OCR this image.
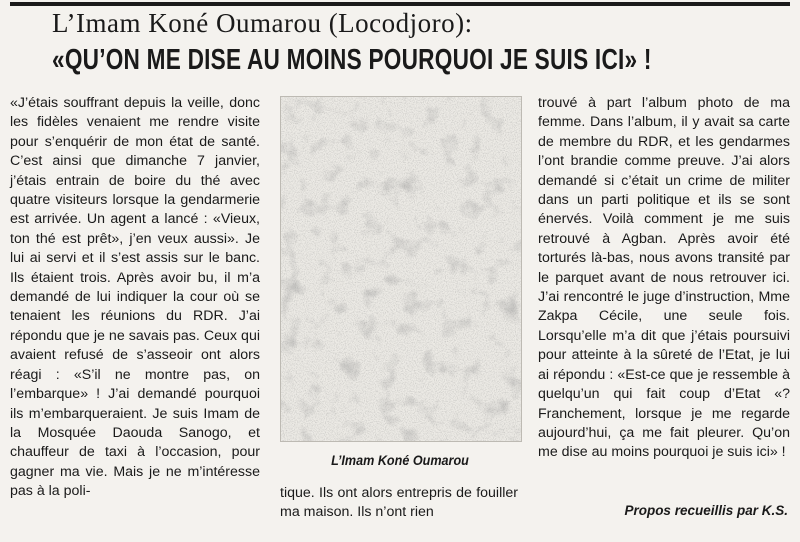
L’Imam Koné Oumarou (Locodjoro):
«QU’ON ME DISE AU MOINS POURQUOI JE SUIS ICI» !

«J’étais souffrant depuis la veille, donc les fidèles venaient me rendre visite pour s’enquérir de mon état de santé. C’est ainsi que dimanche 7 janvier, j’étais entrain de boire du thé avec quatre visiteurs lorsque la gendarmerie est arrivée. Un agent a lancé : «Vieux, ton thé est prêt», j’en veux aussi». Je lui ai servi et il s’est assis sur le banc. Ils étaient trois. Après avoir bu, il m’a demandé de lui indiquer la cour où se tenaient les réunions du RDR. J’ai répondu que je ne savais pas. Ceux qui avaient refusé de s’asseoir ont alors réagi : «S’il ne montre pas, on l’embarque» ! J’ai demandé pourquoi ils m’embarqueraient. Je suis Imam de la Mosquée Daouda Sanogo, et chauffeur de taxi à l’occasion, pour gagner ma vie. Mais je ne m’intéresse pas à la poli-

L’Imam Koné Oumarou

tique. Ils ont alors entrepris de fouiller ma maison. Ils n’ont rien

trouvé à part l’album photo de ma femme. Dans l’album, il y avait sa carte de membre du RDR, et les gendarmes l’ont brandie comme preuve. J’ai alors demandé si c’était un crime de militer dans un parti politique et ils se sont énervés. Voilà comment je me suis retrouvé à Agban. Après avoir été torturés là-bas, nous avons transité par le parquet avant de nous retrouver ici. J’ai rencontré le juge d’instruction, Mme Zakpa Cécile, une seule fois. Lorsqu’elle m’a dit que j’étais poursuivi pour atteinte à la sûreté de l’Etat, je lui ai répondu : «Est-ce que je ressemble à quelqu’un qui fait coup d’Etat «? Franchement, lorsque je me regarde aujourd’hui, ça me fait pleurer. Qu’on me dise au moins pourquoi je suis ici» !

Propos recueillis par K.S.
